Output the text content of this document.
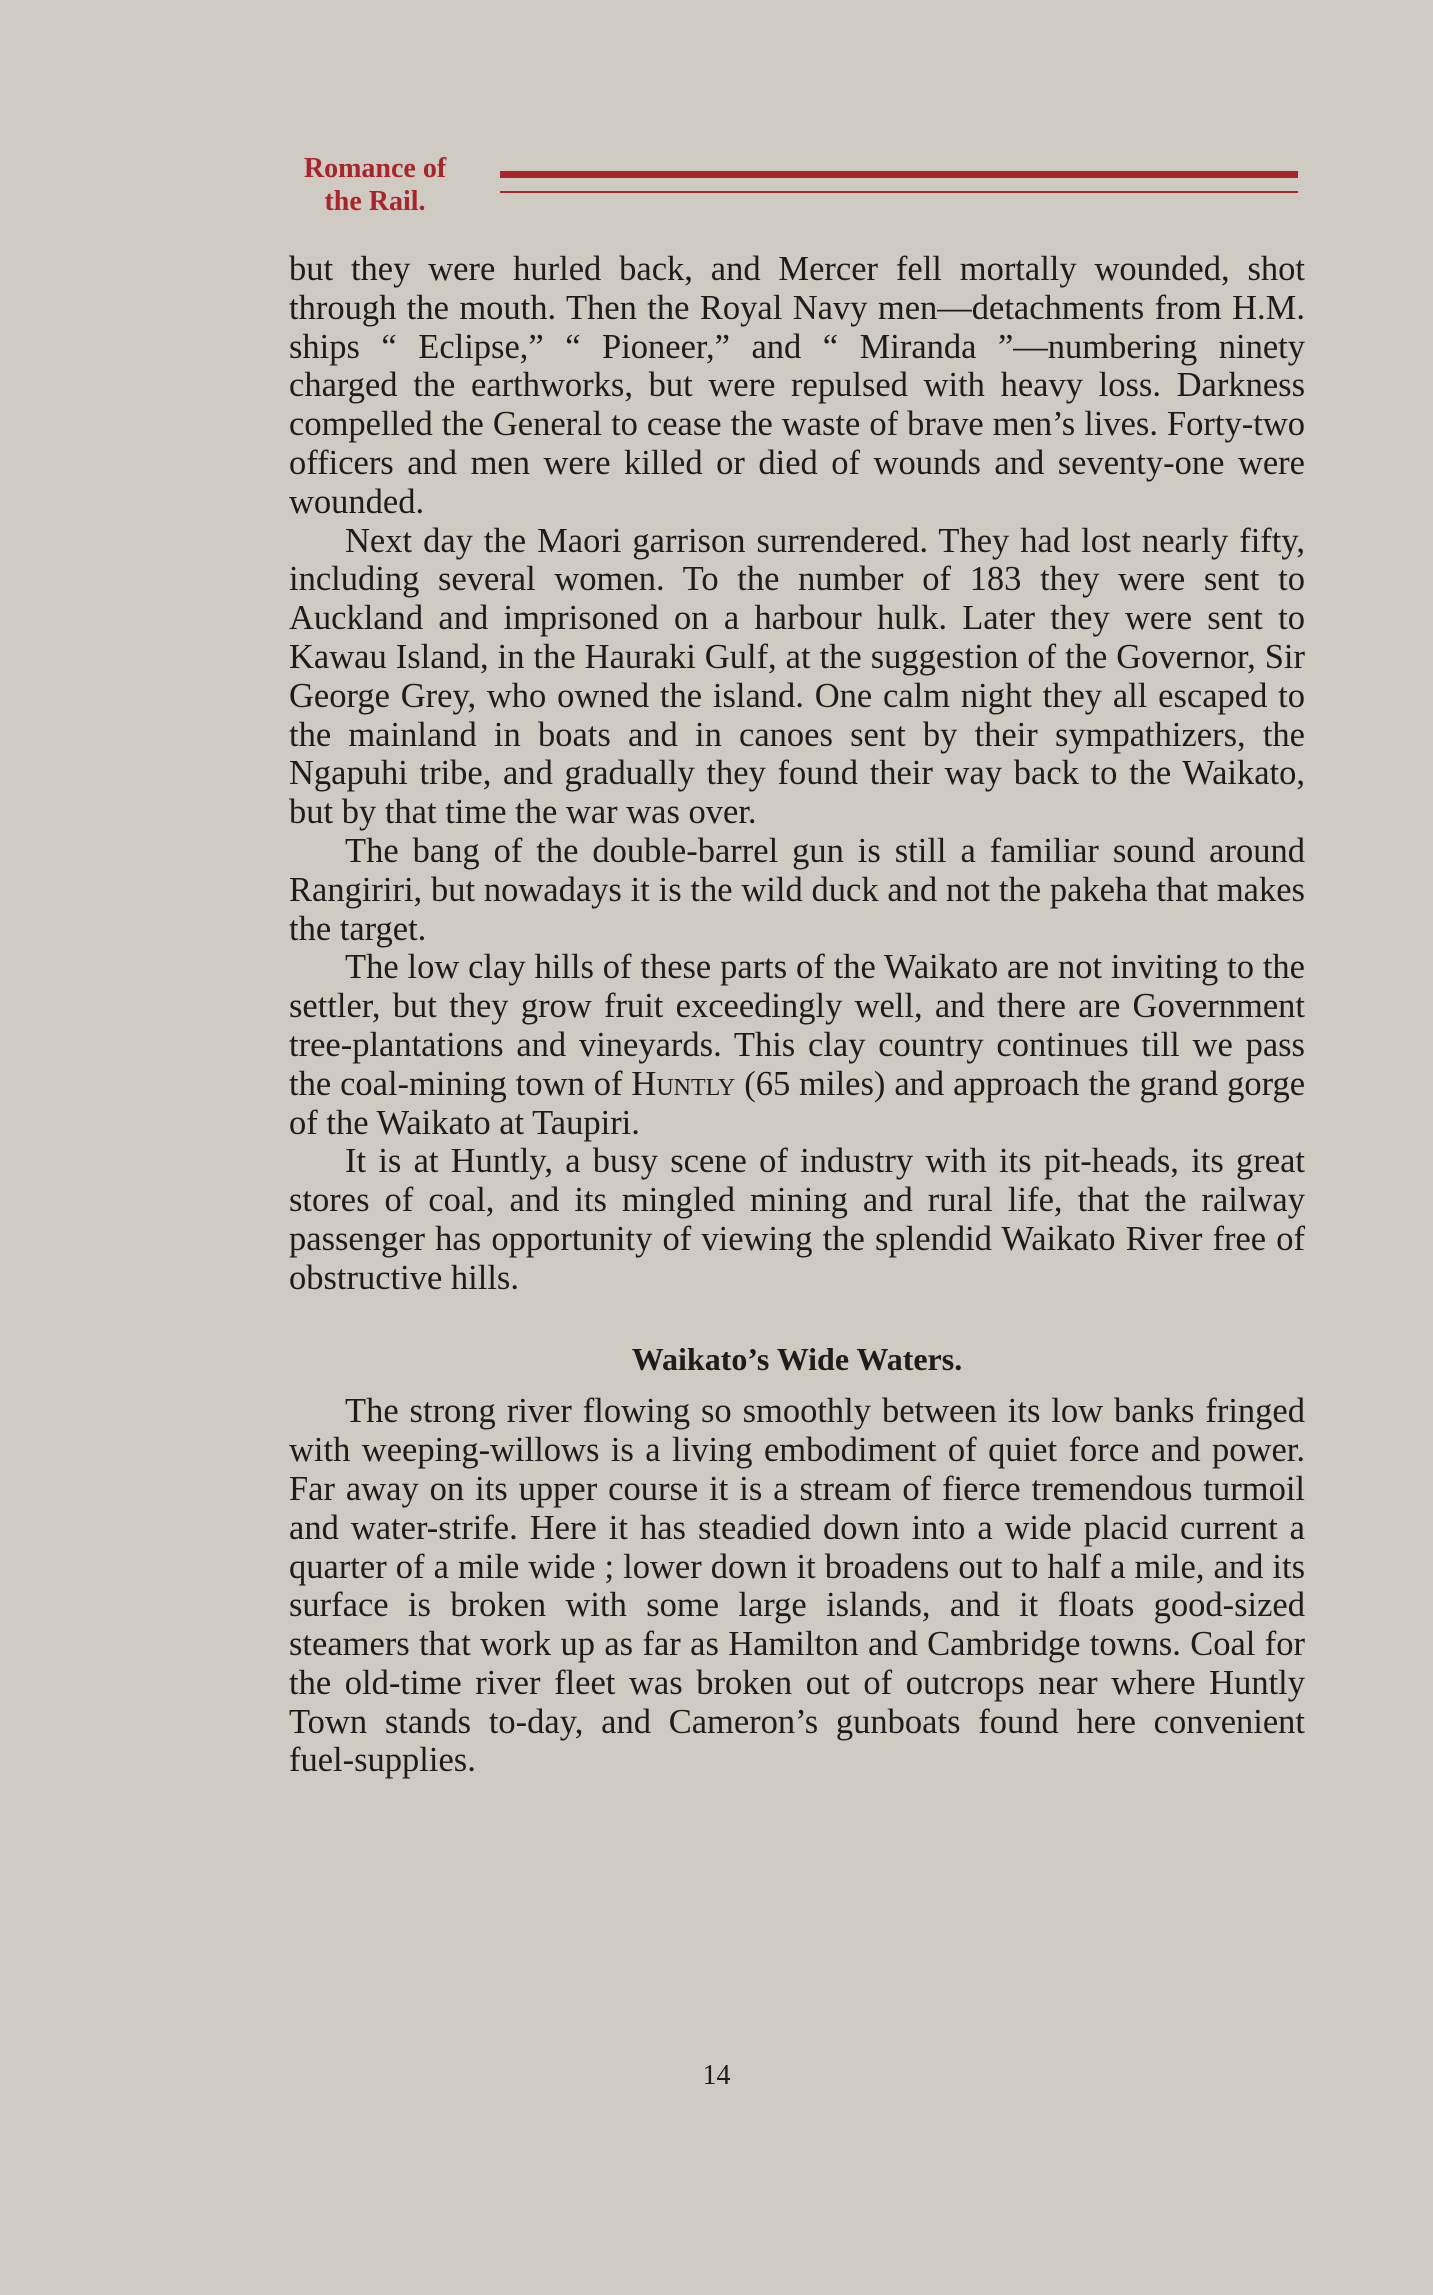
Romance of
the Rail.

but they were hurled back, and Mercer fell mortally wounded, shot through the mouth. Then the Royal Navy men—detachments from H.M. ships “ Eclipse,” “ Pioneer,” and “ Miranda ”—numbering ninety charged the earthworks, but were repulsed with heavy loss. Darkness compelled the General to cease the waste of brave men’s lives. Forty-two officers and men were killed or died of wounds and seventy-one were wounded.

Next day the Maori garrison surrendered. They had lost nearly fifty, including several women. To the number of 183 they were sent to Auckland and imprisoned on a harbour hulk. Later they were sent to Kawau Island, in the Hauraki Gulf, at the suggestion of the Governor, Sir George Grey, who owned the island. One calm night they all escaped to the mainland in boats and in canoes sent by their sympathizers, the Ngapuhi tribe, and gradually they found their way back to the Waikato, but by that time the war was over.

The bang of the double-barrel gun is still a familiar sound around Rangiriri, but nowadays it is the wild duck and not the pakeha that makes the target.

The low clay hills of these parts of the Waikato are not inviting to the settler, but they grow fruit exceedingly well, and there are Government tree-plantations and vineyards. This clay country continues till we pass the coal-mining town of Huntly (65 miles) and approach the grand gorge of the Waikato at Taupiri.

It is at Huntly, a busy scene of industry with its pit-heads, its great stores of coal, and its mingled mining and rural life, that the railway passenger has opportunity of viewing the splendid Waikato River free of obstructive hills.

Waikato’s Wide Waters.

The strong river flowing so smoothly between its low banks fringed with weeping-willows is a living embodiment of quiet force and power. Far away on its upper course it is a stream of fierce tremendous turmoil and water-strife. Here it has steadied down into a wide placid current a quarter of a mile wide ; lower down it broadens out to half a mile, and its surface is broken with some large islands, and it floats good-sized steamers that work up as far as Hamilton and Cambridge towns. Coal for the old-time river fleet was broken out of outcrops near where Huntly Town stands to-day, and Cameron’s gunboats found here convenient fuel-supplies.

14
